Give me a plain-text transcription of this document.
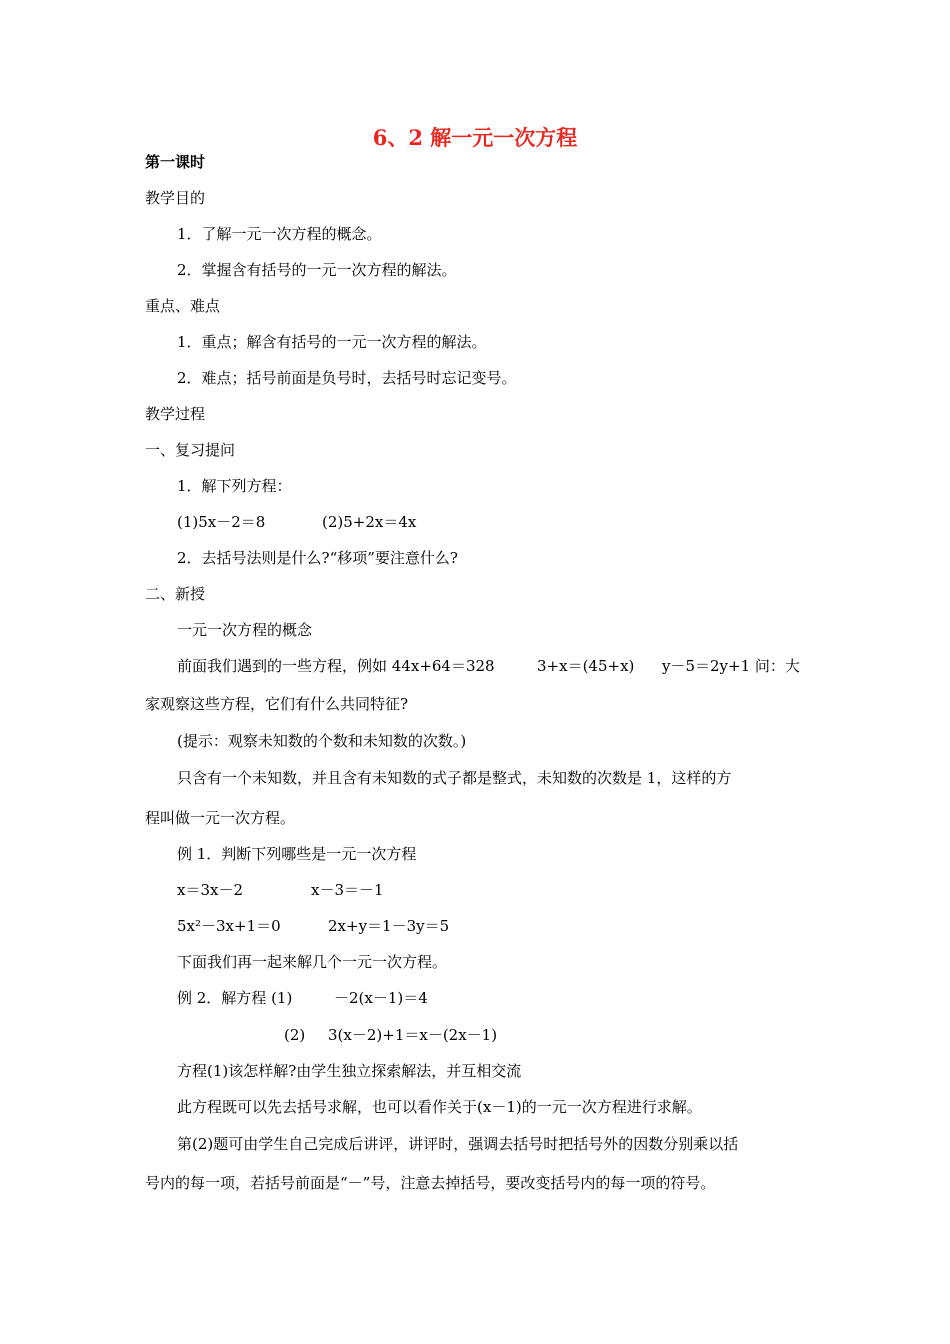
6、2 解一元一次方程

第一课时

教学目的

1．了解一元一次方程的概念。

2．掌握含有括号的一元一次方程的解法。

重点、难点

1．重点；解含有括号的一元一次方程的解法。

2．难点；括号前面是负号时，去括号时忘记变号。

教学过程

一、复习提问

1．解下列方程：

(1)5x－2＝8	(2)5+2x＝4x

2．去括号法则是什么?“移项”要注意什么?

二、新授

一元一次方程的概念

前面我们遇到的一些方程，例如 44x+64＝328	3+x＝(45+x) y－5＝2y+1 问：大

家观察这些方程，它们有什么共同特征?

(提示：观察未知数的个数和未知数的次数。)

只含有一个未知数，并且含有未知数的式子都是整式，未知数的次数是 1，这样的方

程叫做一元一次方程。

例 1．判断下列哪些是一元一次方程

x＝3x－2	x－3＝－1

5x²－3x+1＝0	2x+y＝1－3y＝5

下面我们再一起来解几个一元一次方程。

例 2．解方程 (1)	－2(x－1)＝4

(2) 3(x－2)+1＝x－(2x－1)

方程(1)该怎样解?由学生独立探索解法，并互相交流

此方程既可以先去括号求解，也可以看作关于(x－1)的一元一次方程进行求解。

第(2)题可由学生自己完成后讲评，讲评时，强调去括号时把括号外的因数分别乘以括

号内的每一项，若括号前面是“－”号，注意去掉括号，要改变括号内的每一项的符号。
